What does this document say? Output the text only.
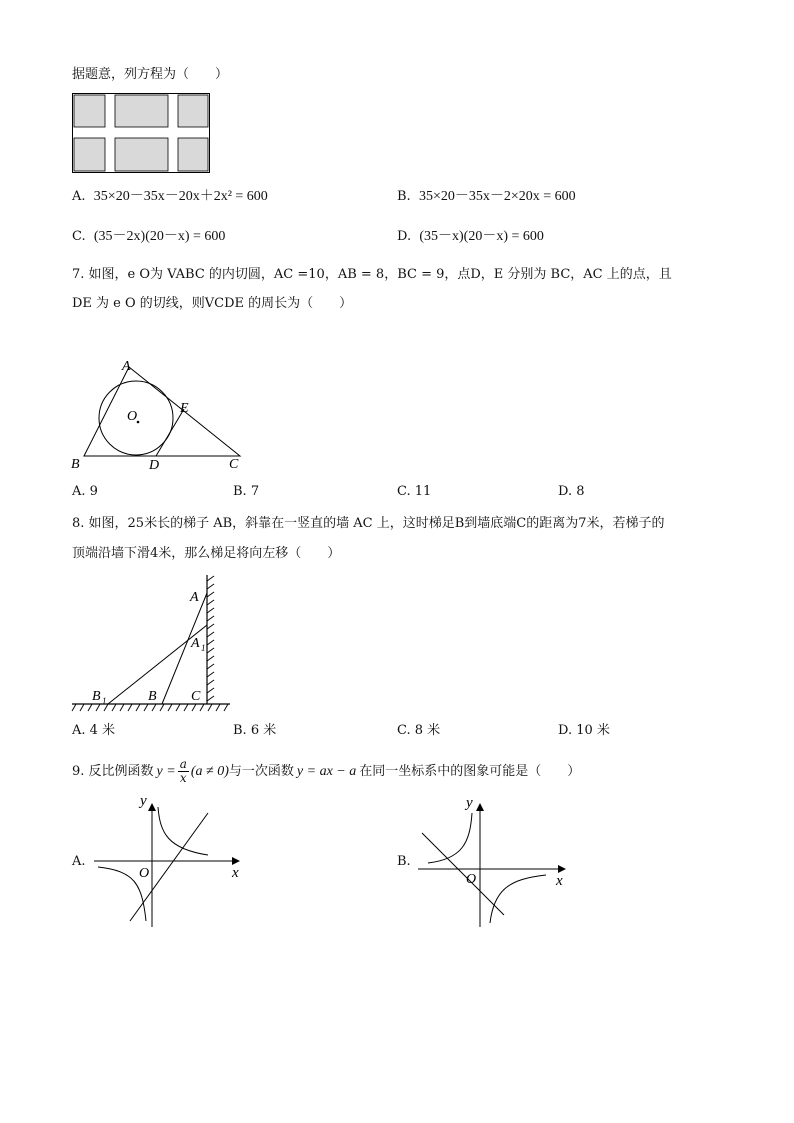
据题意，列方程为（　　）
A. 35×20－35x－20x＋2x² = 600	B. 35×20－35x－2×20x = 600
C. (35－2x)(20－x) = 600	D. (35－x)(20－x) = 600
7. 如图，e O为 VABC 的内切圆，AC =10，AB = 8，BC = 9，点D，E 分别为 BC，AC 上的点，且
DE 为 e O 的切线，则VCDE 的周长为（　　）
A
B	C
D
E
O
A. 9	B. 7	C. 11	D. 8
8. 如图，25米长的梯子 AB，斜靠在一竖直的墙 AC 上，这时梯足B到墙底端C的距离为7米，若梯子的
顶端沿墙下滑4米，那么梯足将向左移（　　）
A
A 1
B 1	B C
A. 4 米	B. 6 米	C. 8 米	D. 10 米
9. 反比例函数 $y = \frac{a}{x} (a \ne 0)$ 与一次函数 y = ax − a 在同一坐标系中的图象可能是（　　）
A.
x
y
O
B.
x
y
O
